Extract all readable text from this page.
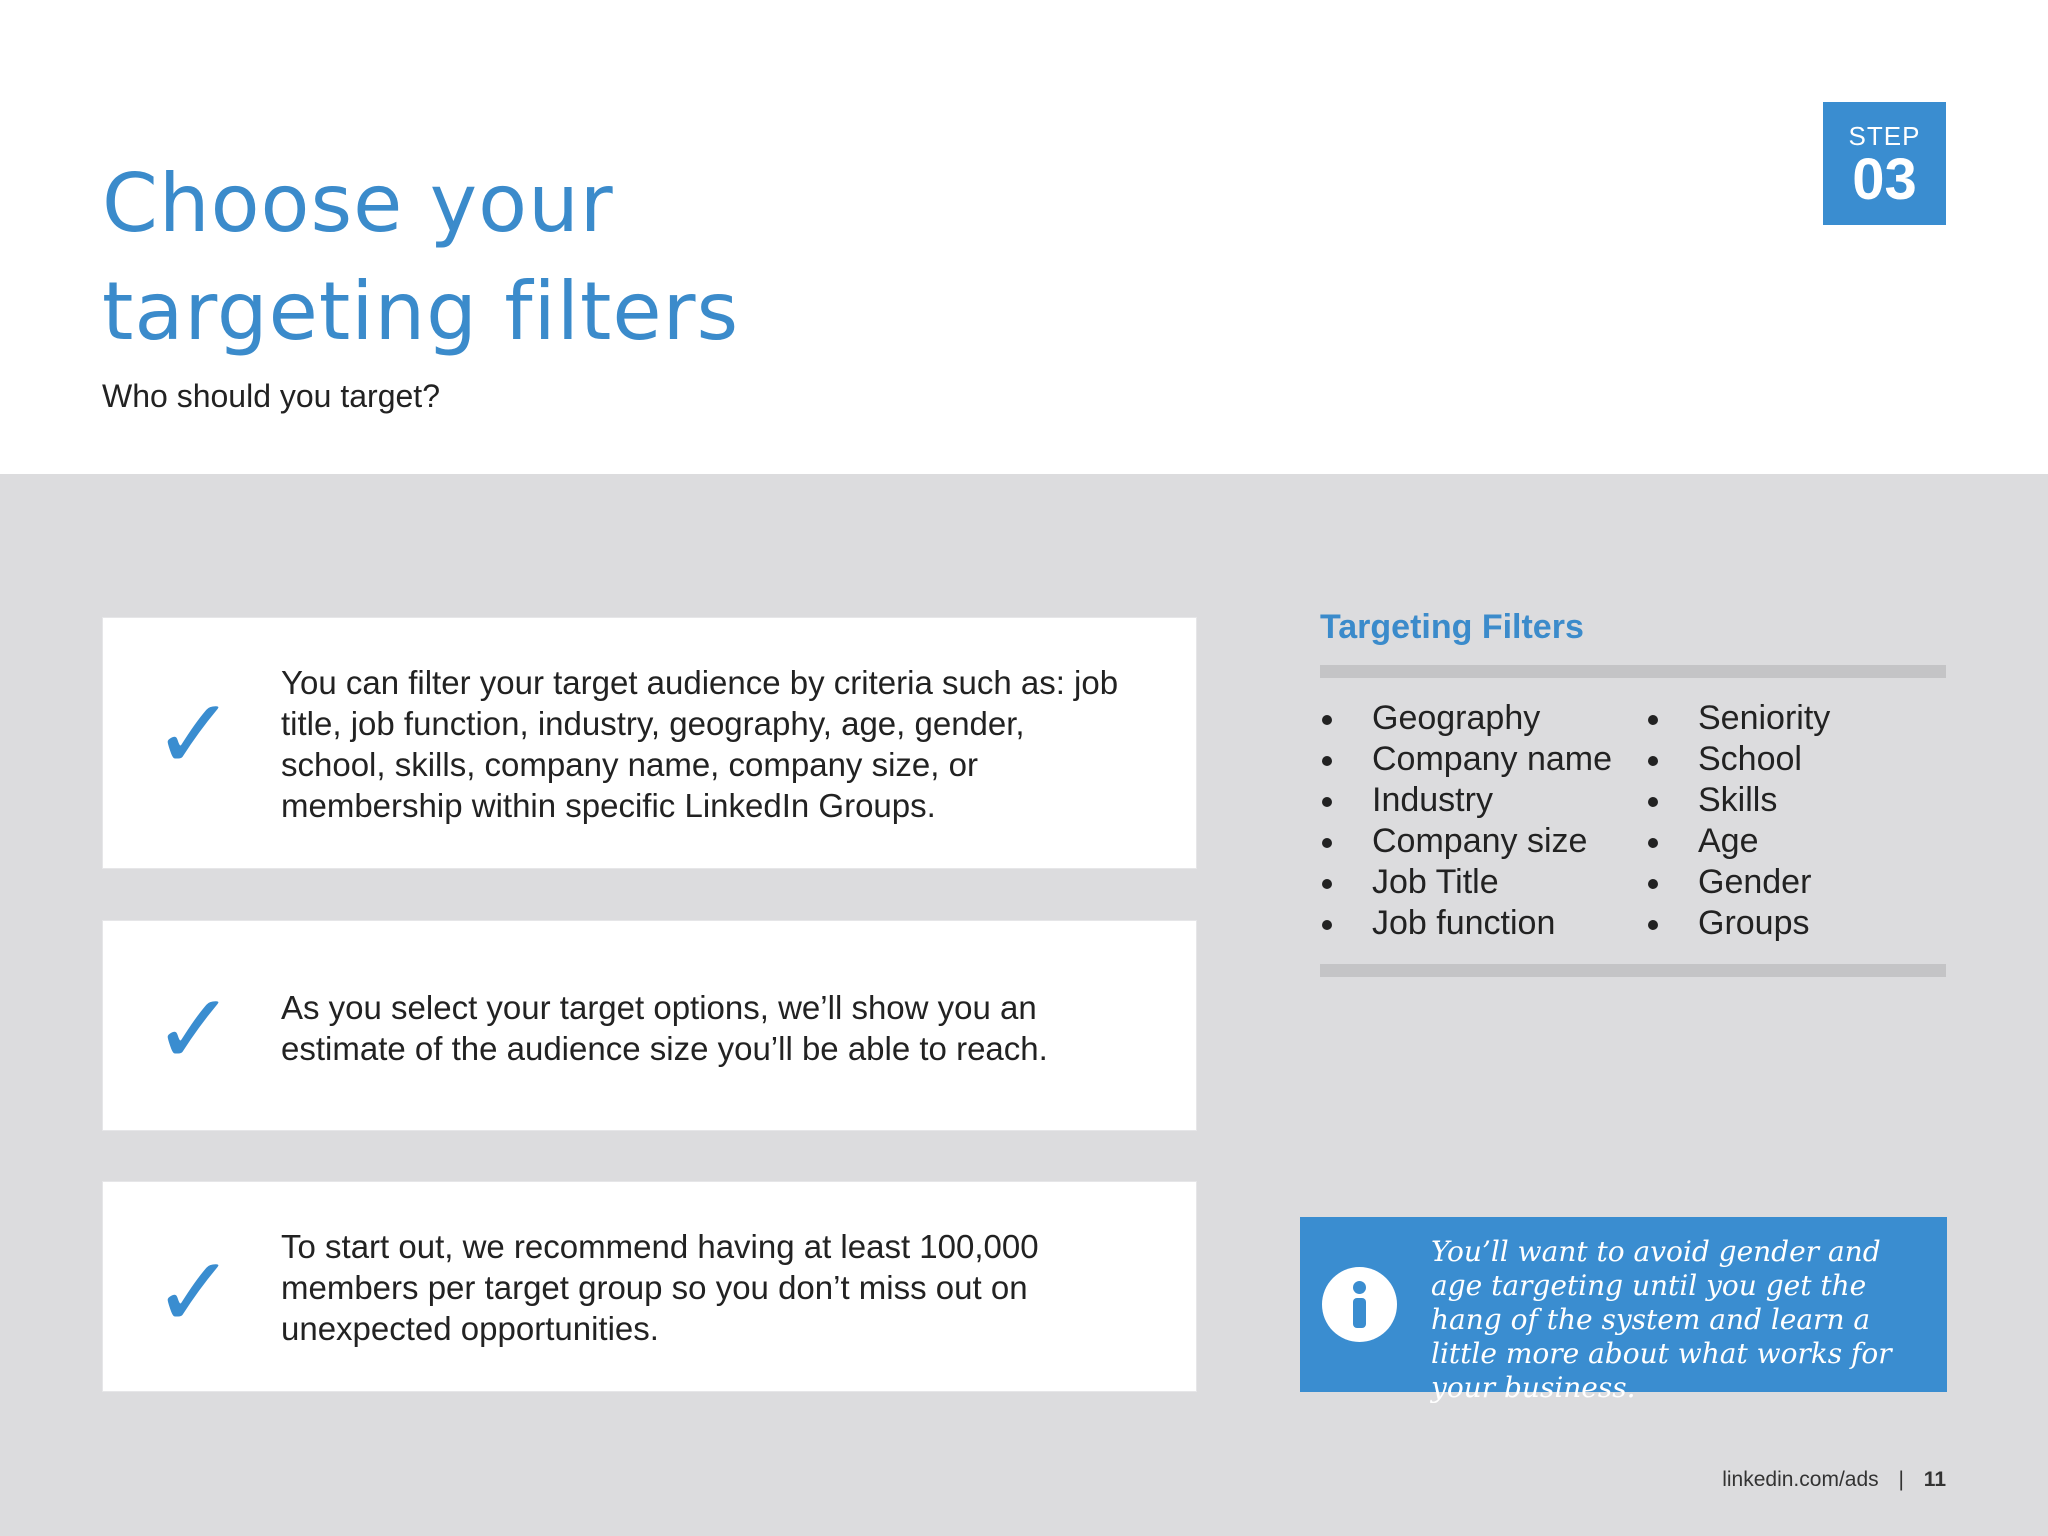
Choose your
targeting filters
Who should you target?
STEP
03
✓ You can filter your target audience by criteria such as: job title, job function, industry, geography, age, gender, school, skills, company name, company size, or membership within specific LinkedIn Groups.

✓ As you select your target options, we’ll show you an estimate of the audience size you’ll be able to reach.

✓ To start out, we recommend having at least 100,000 members per target group so you don’t miss out on unexpected opportunities.

Targeting Filters
Geography
Company name
Industry
Company size
Job Title
Job function
Seniority
School
Skills
Age
Gender
Groups

You’ll want to avoid gender and age targeting until you get the hang of the system and learn a little more about what works for your business.

linkedin.com/ads | 11
